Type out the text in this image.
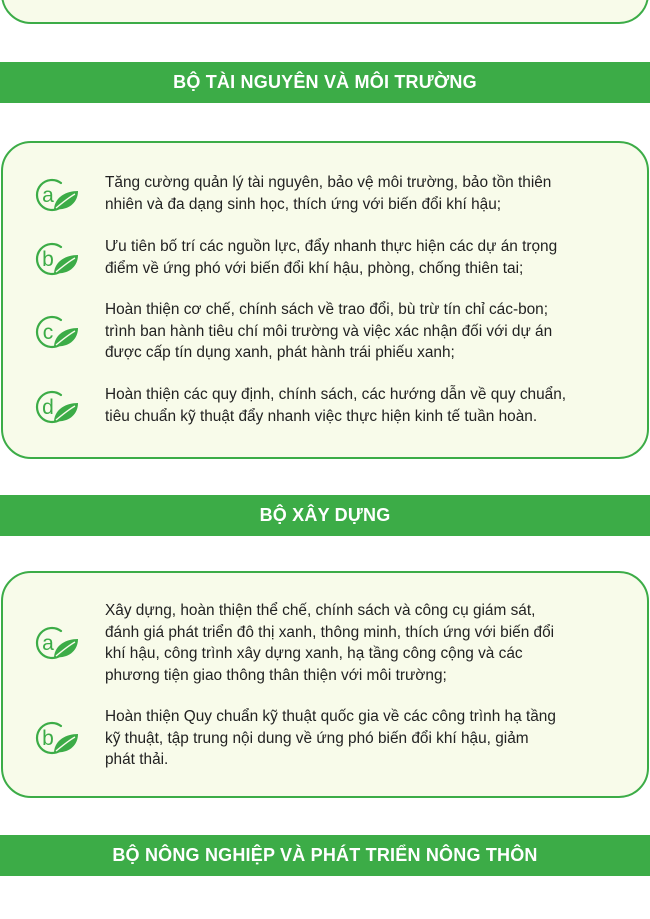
BỘ TÀI NGUYÊN VÀ MÔI TRƯỜNG
a
Tăng cường quản lý tài nguyên, bảo vệ môi trường, bảo tồn thiên
nhiên và đa dạng sinh học, thích ứng với biến đổi khí hậu;
b
Ưu tiên bố trí các nguồn lực, đẩy nhanh thực hiện các dự án trọng
điểm về ứng phó với biến đổi khí hậu, phòng, chống thiên tai;
c
Hoàn thiện cơ chế, chính sách về trao đổi, bù trừ tín chỉ các-bon;
trình ban hành tiêu chí môi trường và việc xác nhận đối với dự án
được cấp tín dụng xanh, phát hành trái phiếu xanh;
d
Hoàn thiện các quy định, chính sách, các hướng dẫn về quy chuẩn,
tiêu chuẩn kỹ thuật đẩy nhanh việc thực hiện kinh tế tuần hoàn.
BỘ XÂY DỰNG
a
Xây dựng, hoàn thiện thể chế, chính sách và công cụ giám sát,
đánh giá phát triển đô thị xanh, thông minh, thích ứng với biến đổi
khí hậu, công trình xây dựng xanh, hạ tầng công cộng và các
phương tiện giao thông thân thiện với môi trường;
b
Hoàn thiện Quy chuẩn kỹ thuật quốc gia về các công trình hạ tầng
kỹ thuật, tập trung nội dung về ứng phó biến đổi khí hậu, giảm
phát thải.
BỘ NÔNG NGHIỆP VÀ PHÁT TRIỂN NÔNG THÔN
